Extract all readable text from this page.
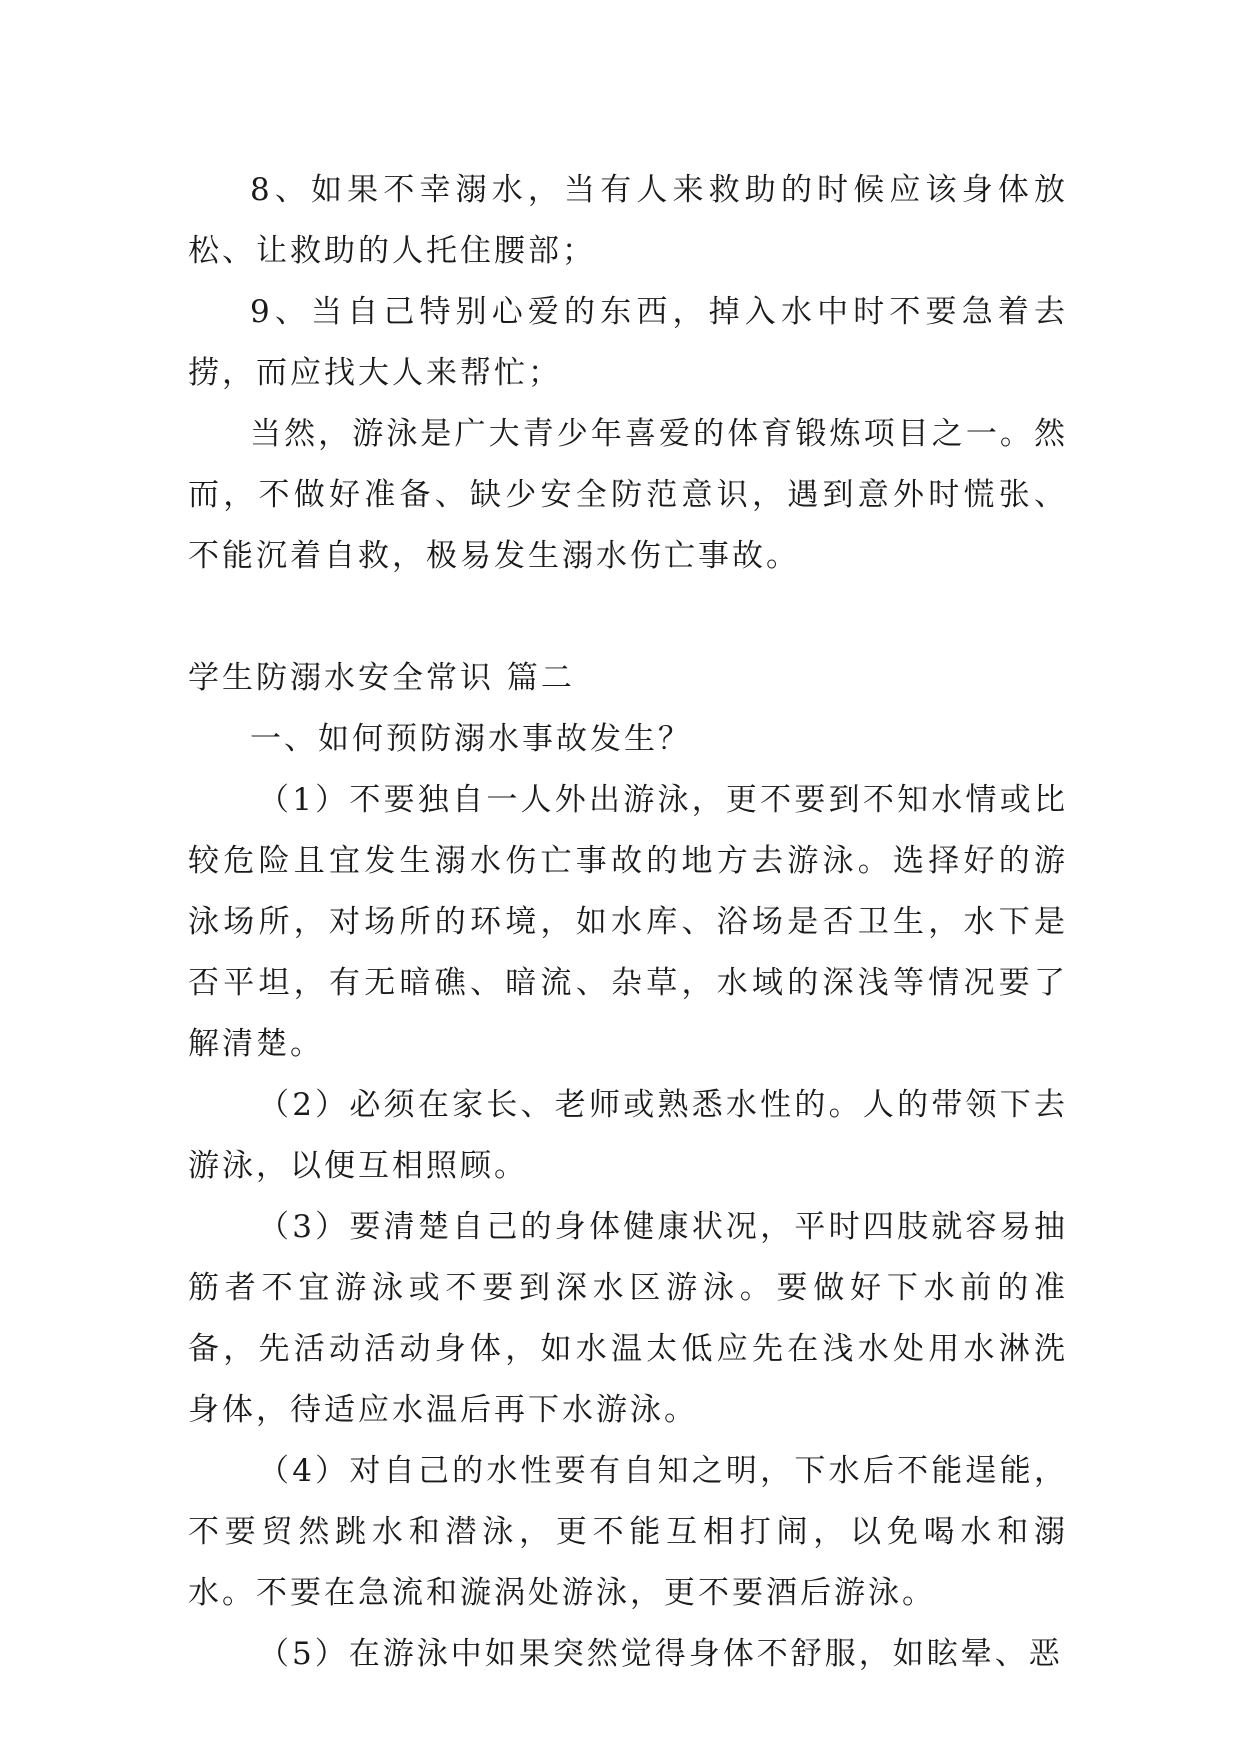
8、如果不幸溺水，当有人来救助的时候应该身体放松、让救助的人托住腰部；

9、当自己特别心爱的东西，掉入水中时不要急着去捞，而应找大人来帮忙；

当然，游泳是广大青少年喜爱的体育锻炼项目之一。然而，不做好准备、缺少安全防范意识，遇到意外时慌张、不能沉着自救，极易发生溺水伤亡事故。

学生防溺水安全常识 篇二

一、如何预防溺水事故发生？

（1）不要独自一人外出游泳，更不要到不知水情或比较危险且宜发生溺水伤亡事故的地方去游泳。选择好的游泳场所，对场所的环境，如水库、浴场是否卫生，水下是否平坦，有无暗礁、暗流、杂草，水域的深浅等情况要了解清楚。

（2）必须在家长、老师或熟悉水性的。人的带领下去游泳，以便互相照顾。

（3）要清楚自己的身体健康状况，平时四肢就容易抽筋者不宜游泳或不要到深水区游泳。要做好下水前的准备，先活动活动身体，如水温太低应先在浅水处用水淋洗身体，待适应水温后再下水游泳。

（4）对自己的水性要有自知之明，下水后不能逞能，不要贸然跳水和潜泳，更不能互相打闹，以免喝水和溺水。不要在急流和漩涡处游泳，更不要酒后游泳。

（5）在游泳中如果突然觉得身体不舒服，如眩晕、恶
